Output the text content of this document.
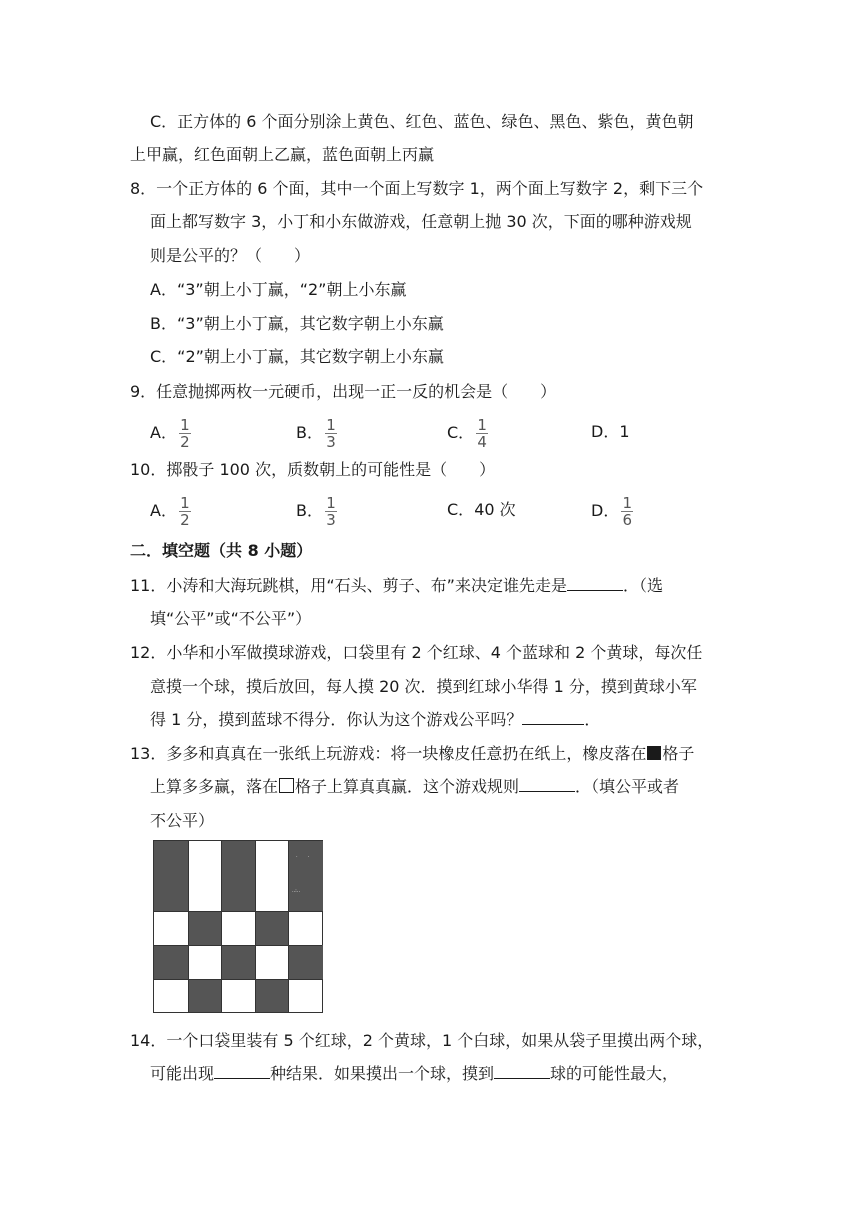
C．正方体的 6 个面分别涂上黄色、红色、蓝色、绿色、黑色、紫色，黄色朝
上甲赢，红色面朝上乙赢，蓝色面朝上丙赢
8．一个正方体的 6 个面，其中一个面上写数字 1，两个面上写数字 2，剩下三个
面上都写数字 3，小丁和小东做游戏，任意朝上抛 30 次，下面的哪种游戏规
则是公平的？（　　）
A．“3”朝上小丁赢，“2”朝上小东赢
B．“3”朝上小丁赢，其它数字朝上小东赢
C．“2”朝上小丁赢，其它数字朝上小东赢
9．任意抛掷两枚一元硬币，出现一正一反的机会是（　　）
A． $\frac{1}{2}$	B． $\frac{1}{3}$	C． $\frac{1}{4}$	D．1
10．掷骰子 100 次，质数朝上的可能性是（　　）
A． $\frac{1}{2}$	B． $\frac{1}{3}$	C．40 次	D． $\frac{1}{6}$
二．填空题（共 8 小题）
11．小涛和大海玩跳棋，用“石头、剪子、布”来决定谁先走是	．（选
填“公平”或“不公平”）
12．小华和小军做摸球游戏，口袋里有 2 个红球、4 个蓝球和 2 个黄球，每次任
意摸一个球，摸后放回，每人摸 20 次．摸到红球小华得 1 分，摸到黄球小军
得 1 分，摸到蓝球不得分．你认为这个游戏公平吗？	．
13．多多和真真在一张纸上玩游戏：将一块橡皮任意扔在纸上，橡皮落在 格子
上算多多赢，落在 格子上算真真赢．这个游戏规则	．（填公平或者
不公平）
·　　·
..:..
14．一个口袋里装有 5 个红球，2 个黄球，1 个白球，如果从袋子里摸出两个球，
可能出现	种结果．如果摸出一个球，摸到	球的可能性最大，
